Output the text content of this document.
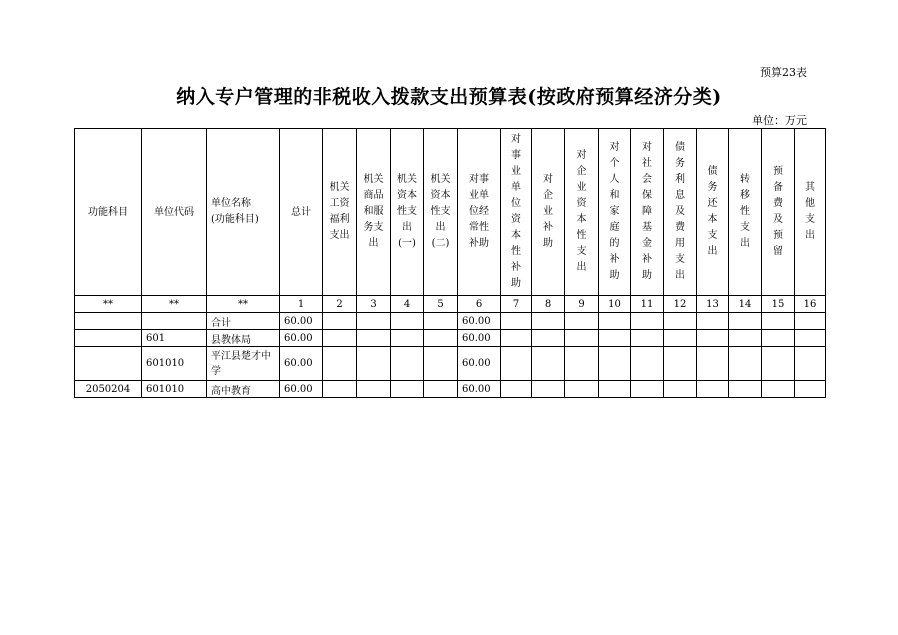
预算23表
纳入专户管理的非税收入拨款支出预算表(按政府预算经济分类)
单位：万元
功能科目	单位代码	单位名称(功能科目)	总计	机关工资福利支出	机关商品和服务支出	机关资本性支出(一)	机关资本性支出(二)	对事业单位经常性补助	对事业单位资本性补助	对企业补助	对企业资本性支出	对个人和家庭的补助	对社会保障基金补助	债务利息及费用支出	债务还本支出	转移性支出	预备费及预留	其他支出
**	**	**	1	2	3	4	5	6	7	8	9	10	11	12	13	14	15	16
		合计	60.00					60.00										
	601	县教体局	60.00					60.00										
	601010	平江县楚才中学	60.00					60.00										
2050204	601010	高中教育	60.00					60.00										
